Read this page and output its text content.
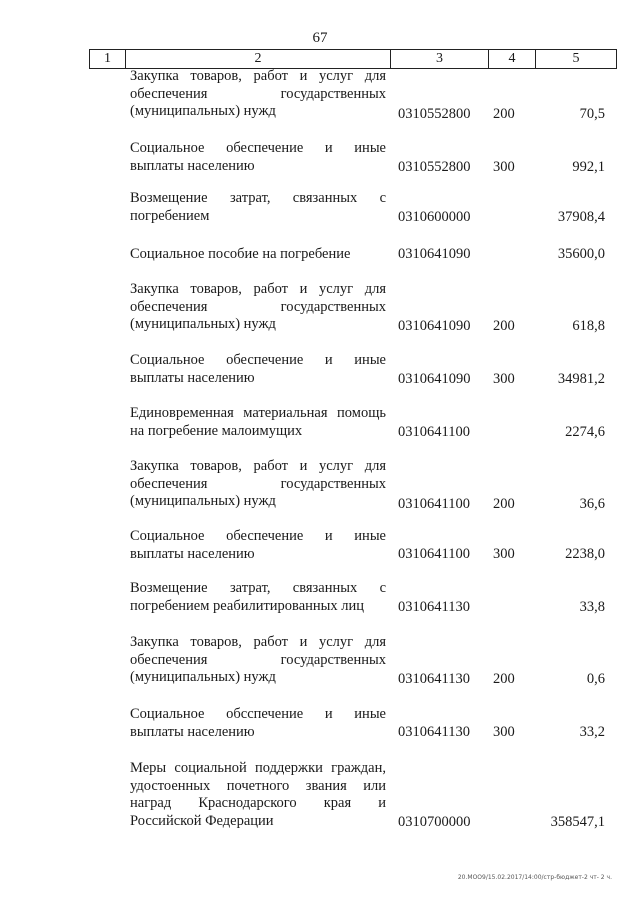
67
1	2	3	4	5
Закупка товаров, работ и услуг для обеспечения государственных (муниципальных) нужд	0310552800 200	70,5
Социальное обеспечение и иные выплаты населению	0310552800 300	992,1
Возмещение затрат, связанных с погребением	0310600000	37908,4
Социальное пособие на погребение	0310641090	35600,0
Закупка товаров, работ и услуг для обеспечения государственных (муниципальных) нужд	0310641090 200	618,8
Социальное обеспечение и иные выплаты населению	0310641090 300	34981,2
Единовременная материальная помощь на погребение малоимущих	0310641100	2274,6
Закупка товаров, работ и услуг для обеспечения государственных (муниципальных) нужд	0310641100 200	36,6
Социальное обеспечение и иные выплаты населению	0310641100 300	2238,0
Возмещение затрат, связанных с погребением реабилитированных лиц	0310641130	33,8
Закупка товаров, работ и услуг для обеспечения государственных (муниципальных) нужд	0310641130 200	0,6
Социальное обсспечение и иные выплаты населению	0310641130 300	33,2
Меры социальной поддержки граждан, удостоенных почетного звания или наград Краснодарского края и Российской Федерации	0310700000	358547,1
20.МОО9/15.02.2017/14:00/стр-бюджет-2 чт- 2 ч.
